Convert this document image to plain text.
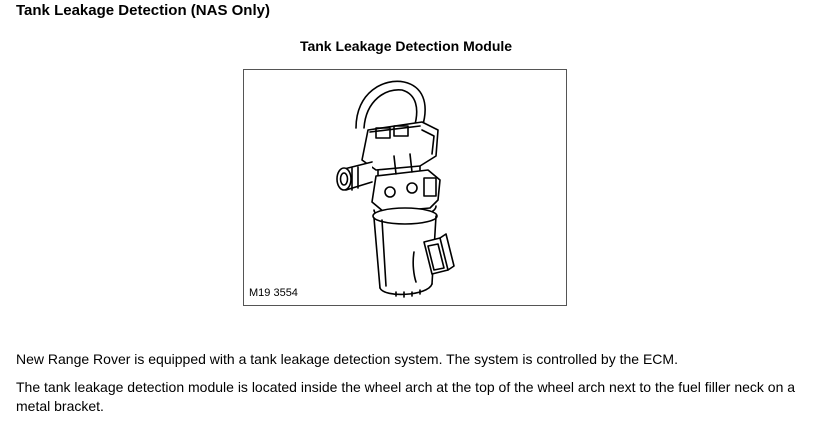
Tank Leakage Detection (NAS Only)
Tank Leakage Detection Module
M19 3554
New Range Rover is equipped with a tank leakage detection system. The system is controlled by the ECM.
The tank leakage detection module is located inside the wheel arch at the top of the wheel arch next to the fuel filler neck on a metal bracket.
